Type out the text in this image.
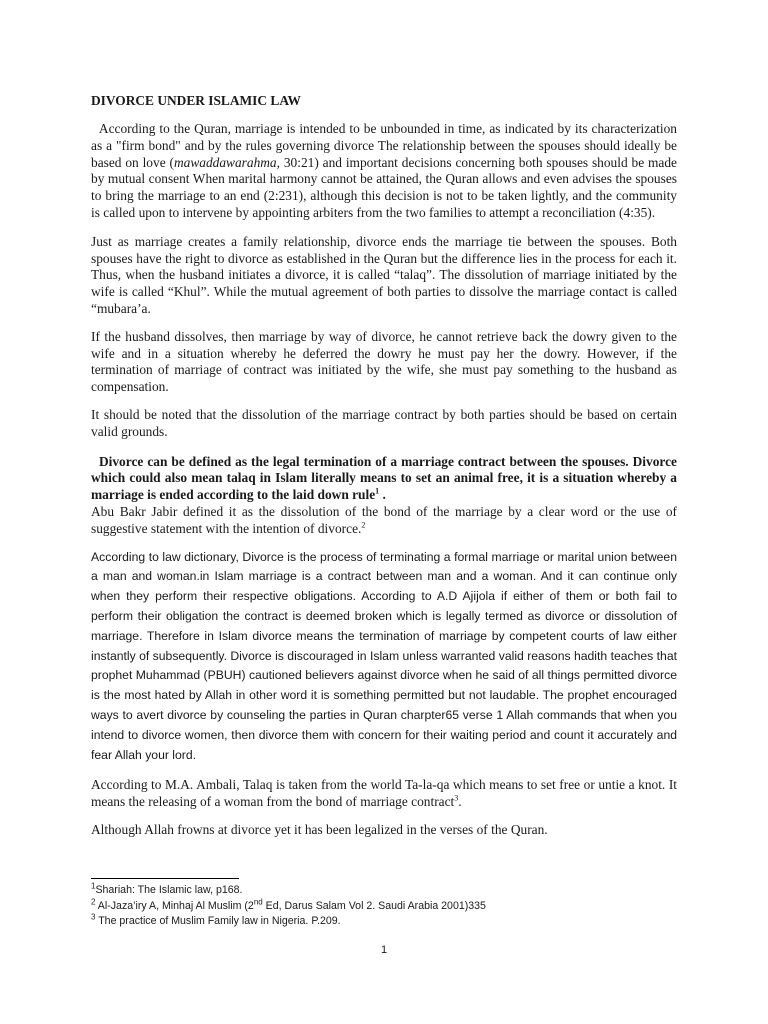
DIVORCE UNDER ISLAMIC LAW

According to the Quran, marriage is intended to be unbounded in time, as indicated by its characterization as a "firm bond" and by the rules governing divorce The relationship between the spouses should ideally be based on love (mawaddawarahma, 30:21) and important decisions concerning both spouses should be made by mutual consent When marital harmony cannot be attained, the Quran allows and even advises the spouses to bring the marriage to an end (2:231), although this decision is not to be taken lightly, and the community is called upon to intervene by appointing arbiters from the two families to attempt a reconciliation (4:35).

Just as marriage creates a family relationship, divorce ends the marriage tie between the spouses. Both spouses have the right to divorce as established in the Quran but the difference lies in the process for each it. Thus, when the husband initiates a divorce, it is called “talaq”. The dissolution of marriage initiated by the wife is called “Khul”. While the mutual agreement of both parties to dissolve the marriage contact is called “mubara’a.

If the husband dissolves, then marriage by way of divorce, he cannot retrieve back the dowry given to the wife and in a situation whereby he deferred the dowry he must pay her the dowry. However, if the termination of marriage of contract was initiated by the wife, she must pay something to the husband as compensation.

It should be noted that the dissolution of the marriage contract by both parties should be based on certain valid grounds.

Divorce can be defined as the legal termination of a marriage contract between the spouses. Divorce which could also mean talaq in Islam literally means to set an animal free, it is a situation whereby a marriage is ended according to the laid down rule$^1$ .

Abu Bakr Jabir defined it as the dissolution of the bond of the marriage by a clear word or the use of suggestive statement with the intention of divorce.$^2$

According to law dictionary, Divorce is the process of terminating a formal marriage or marital union between a man and woman.in Islam marriage is a contract between man and a woman. And it can continue only when they perform their respective obligations. According to A.D Ajijola if either of them or both fail to perform their obligation the contract is deemed broken which is legally termed as divorce or dissolution of marriage. Therefore in Islam divorce means the termination of marriage by competent courts of law either instantly of subsequently. Divorce is discouraged in Islam unless warranted valid reasons hadith teaches that prophet Muhammad (PBUH) cautioned believers against divorce when he said of all things permitted divorce is the most hated by Allah in other word it is something permitted but not laudable. The prophet encouraged ways to avert divorce by counseling the parties in Quran charpter65 verse 1 Allah commands that when you intend to divorce women, then divorce them with concern for their waiting period and count it accurately and fear Allah your lord.

According to M.A. Ambali, Talaq is taken from the world Ta-la-qa which means to set free or untie a knot. It means the releasing of a woman from the bond of marriage contract$^3$.

Although Allah frowns at divorce yet it has been legalized in the verses of the Quran.

$^1$Shariah: The Islamic law, p168.
$^2$ Al-Jaza’iry A, Minhaj Al Muslim (2nd Ed, Darus Salam Vol 2. Saudi Arabia 2001)335
$^3$ The practice of Muslim Family law in Nigeria. P.209.
1
